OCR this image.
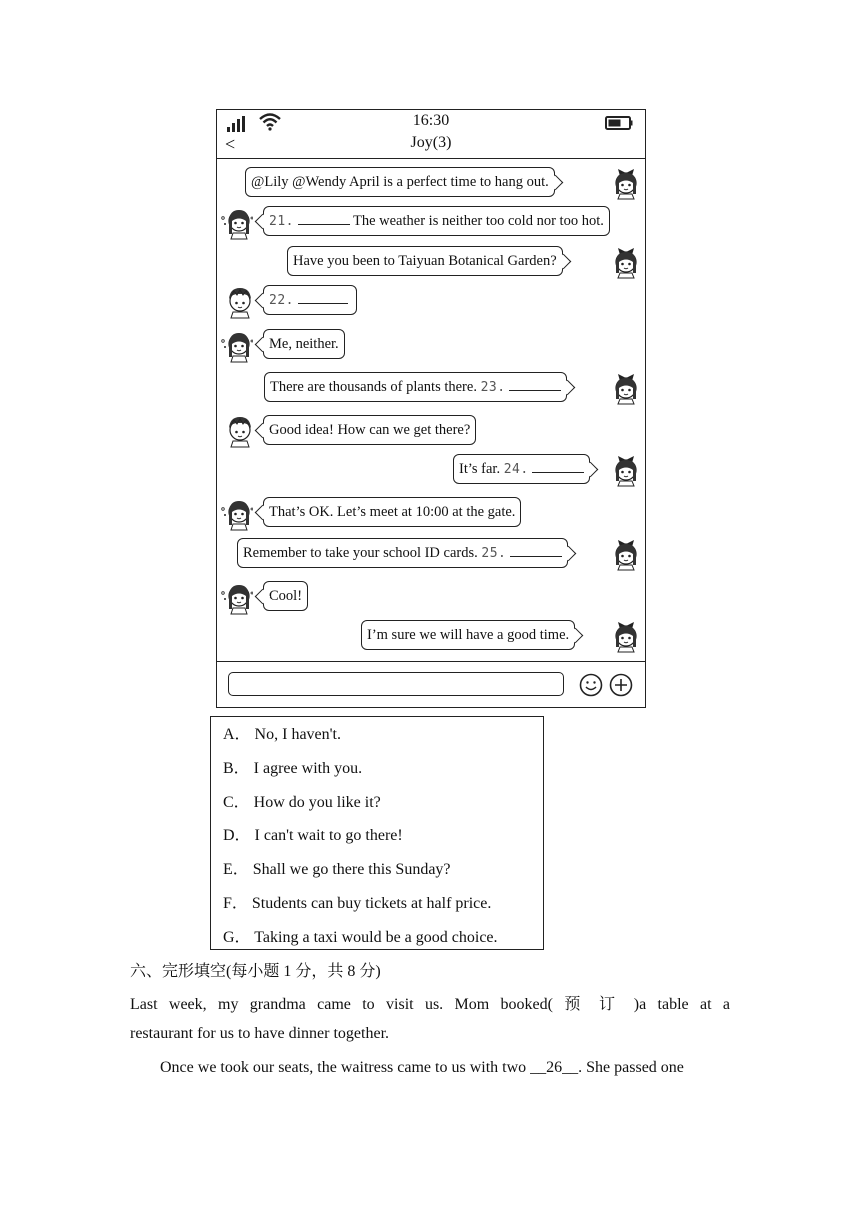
16:30
<	Joy(3)
@Lily @Wendy April is a perfect time to hang out.
21.	The weather is neither too cold nor too hot.
Have you been to Taiyuan Botanical Garden?
22.
Me, neither.
There are thousands of plants there. 23.
Good idea! How can we get there?
It’s far. 24.
That’s OK. Let’s meet at 10:00 at the gate.
Remember to take your school ID cards. 25.
Cool!
I’m sure we will have a good time.
A． No, I haven't.
B． I agree with you.
C． How do you like it?
D． I can't wait to go there!
E． Shall we go there this Sunday?
F． Students can buy tickets at half price.
G． Taking a taxi would be a good choice.
六、完形填空(每小题 1 分，共 8 分)
Last week, my grandma came to visit us. Mom booked( 预 订 )a table at a
restaurant for us to have dinner together.
Once we took our seats, the waitress came to us with two __26__. She passed one
